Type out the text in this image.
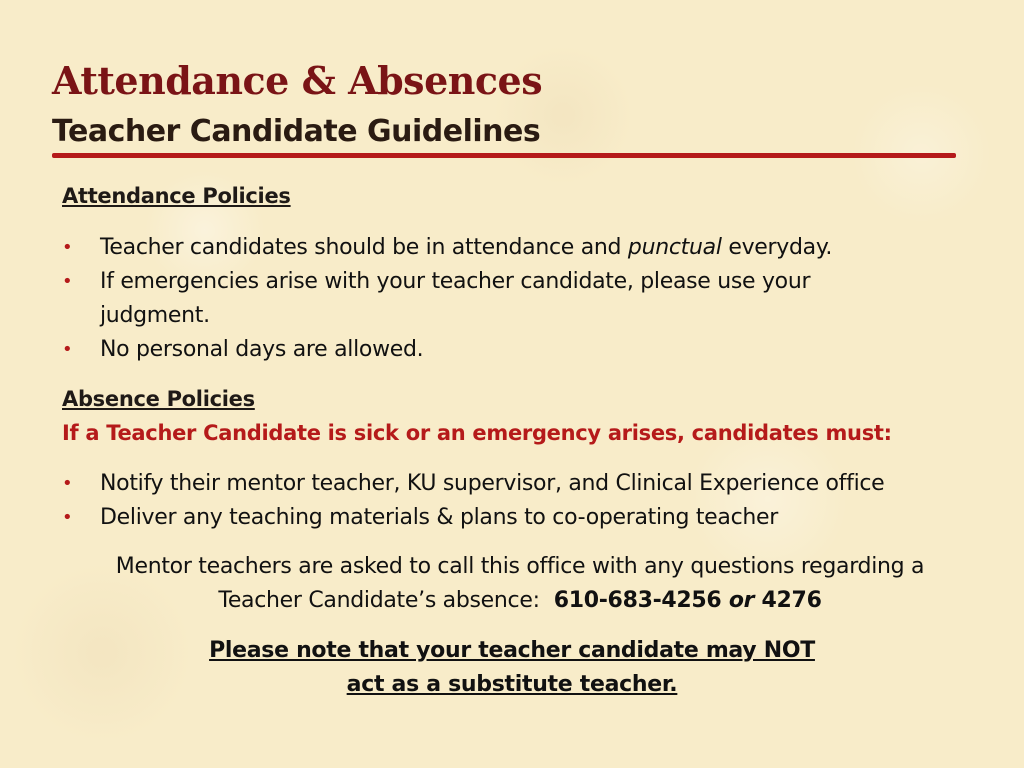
Attendance & Absences
Teacher Candidate Guidelines

Attendance Policies

• Teacher candidates should be in attendance and punctual everyday.
• If emergencies arise with your teacher candidate, please use your
judgment.
• No personal days are allowed.

Absence Policies

If a Teacher Candidate is sick or an emergency arises, candidates must:

• Notify their mentor teacher, KU supervisor, and Clinical Experience office
• Deliver any teaching materials & plans to co-operating teacher

Mentor teachers are asked to call this office with any questions regarding a
Teacher Candidate’s absence: 610-683-4256 or 4276

Please note that your teacher candidate may NOT
act as a substitute teacher.
